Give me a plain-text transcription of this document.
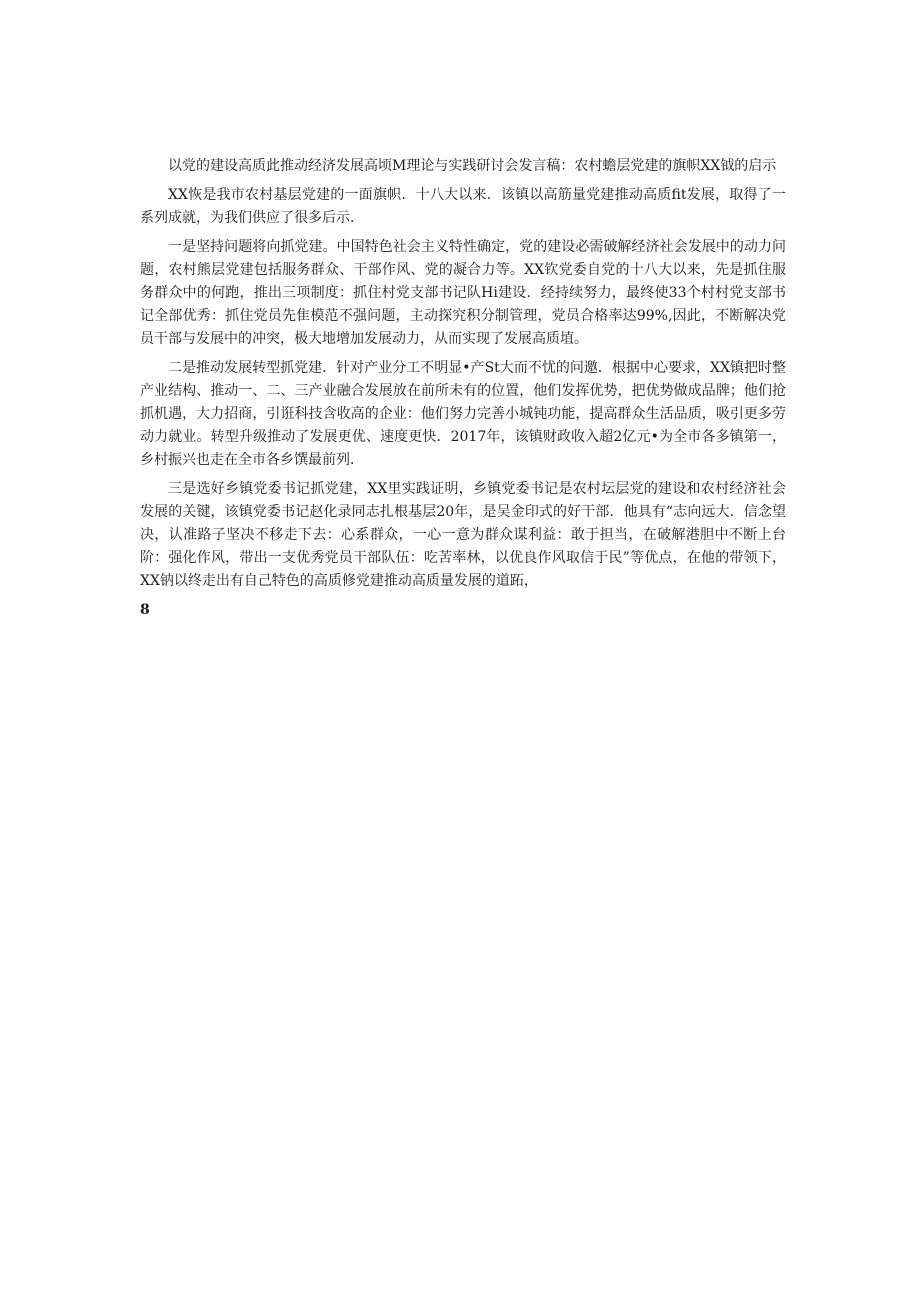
以党的建设高质此推动经济发展高顷M理论与实践研讨会发言稿：农村蟾层党建的旗帜XX钺的启示

XX恢是我市农村基层党建的一面旗帜．十八大以来．该镇以高筋量党建推动高质fit发展，取得了一系列成就，为我们供应了很多后示．

一是坚持问题将向抓党建。中国特色社会主义特性确定，党的建设必需破解经济社会发展中的动力问题，农村熊层党建包括服务群众、干部作风、党的凝合力等。XX钦党委自党的十八大以来，先是抓住服务群众中的何跑，推出三项制度：抓住村党支部书记队Hi建设．经持续努力，最终使33个村村党支部书记全部优秀：抓住党员先隹模范不强问题，主动探究积分制管理，党员合格率达99%,因此，不断解决党员干部与发展中的冲突，极大地增加发展动力，从而实现了发展高质埴。

二是推动发展转型抓党建．针对产业分工不明显•产St大而不忧的问邀．根据中心要求，XX镇把时整产业结构、推动一、二、三产业融合发展放在前所未有的位置，他们发挥优势，把优势做成品牌；他们抢抓机遇，大力招商，引诳科技含收高的企业：他们努力完善小城钝功能，提高群众生活品质，吸引更多劳动力就业。转型升级推动了发展更优、速度更快．2017年，该镇财政收入超2亿元•为全市各多镇第一，乡村振兴也走在全市各乡馔最前列．

三是选好乡镇党委书记抓党建，XX里实践证明，乡镇党委书记是农村坛层党的建设和农村经济社会发展的关键，该镇党委书记赵化录同志扎根基层20年，是吴金印式的好干部．他具有“志向远大．信念望决，认准路子坚决不移走下去：心系群众，一心一意为群众谋利益：敢于担当，在破解港胆中不断上台阶：强化作风，带出一支优秀党员干部队伍：吃苦率林，以优良作风取信于民”等优点，在他的带领下，XX钠以终走出有自己特色的高质修党建推动高质量发展的道跖，

8
